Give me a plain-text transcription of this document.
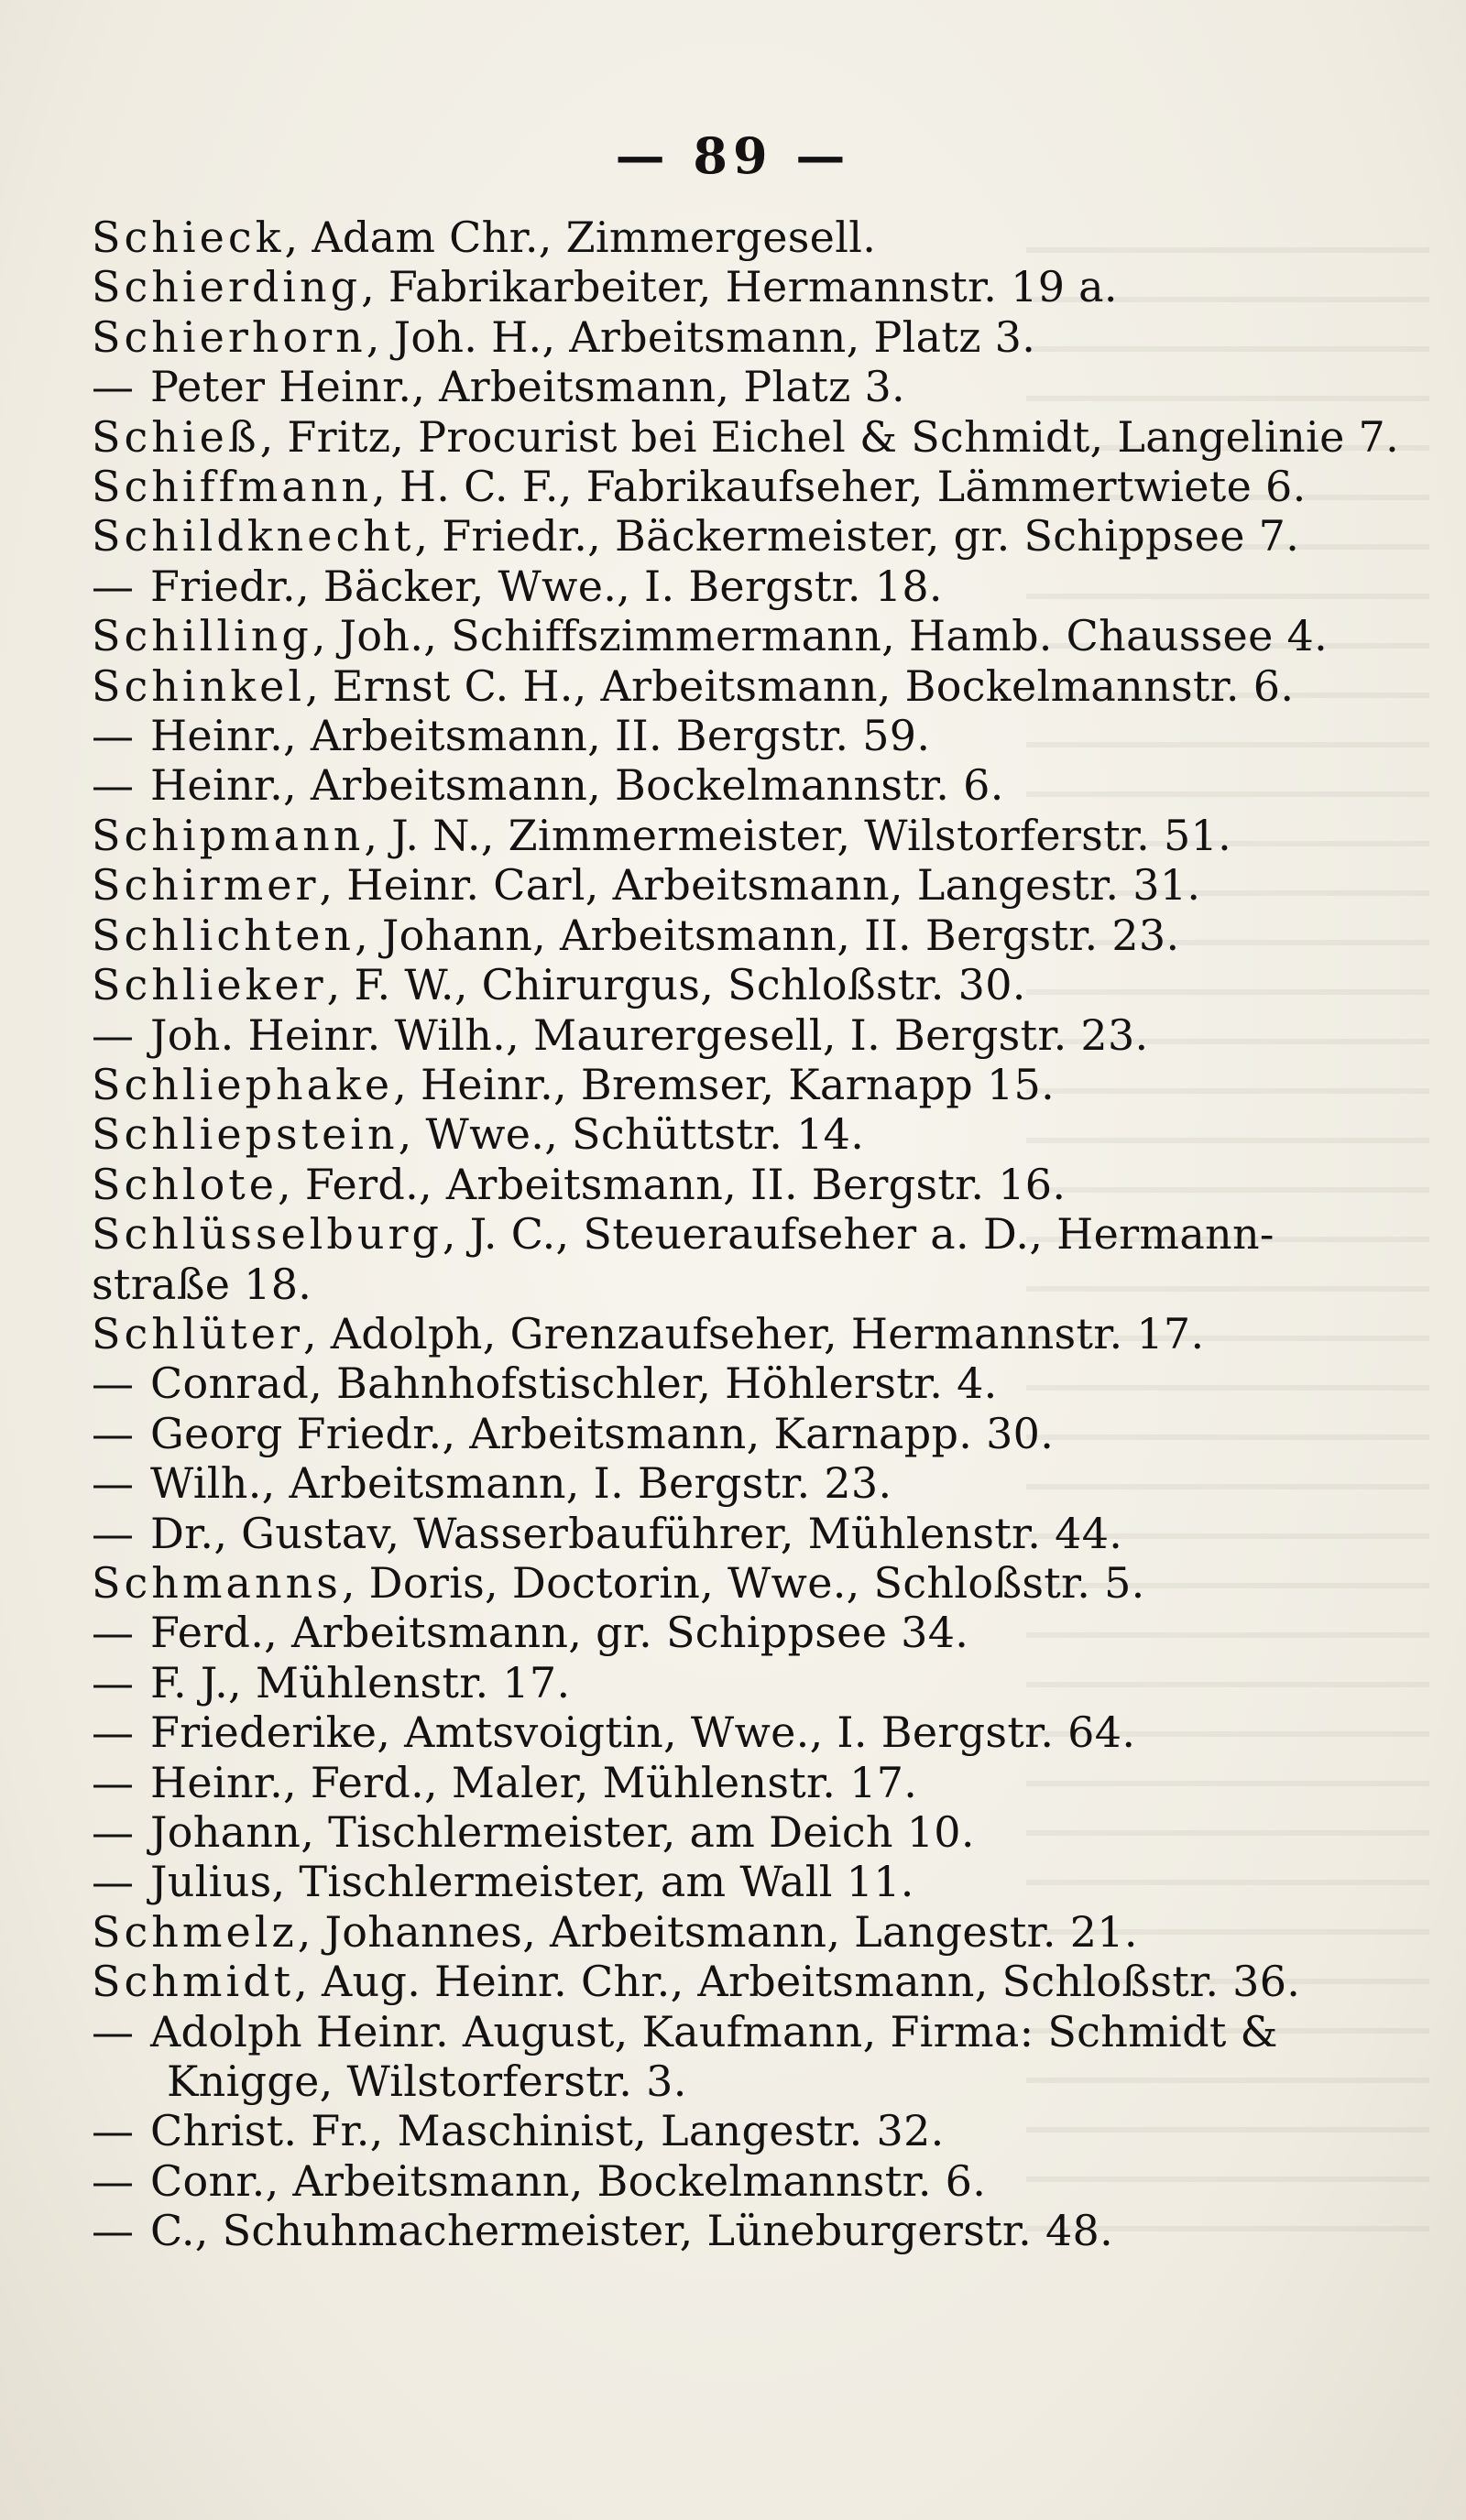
— 89 —
Schieck, Adam Chr., Zimmergesell.
Schierding, Fabrikarbeiter, Hermannstr. 19 a.
Schierhorn, Joh. H., Arbeitsmann, Platz 3.
— Peter Heinr., Arbeitsmann, Platz 3.
Schieß, Fritz, Procurist bei Eichel & Schmidt, Langelinie 7.
Schiffmann, H. C. F., Fabrikaufseher, Lämmertwiete 6.
Schildknecht, Friedr., Bäckermeister, gr. Schippsee 7.
— Friedr., Bäcker, Wwe., I. Bergstr. 18.
Schilling, Joh., Schiffszimmermann, Hamb. Chaussee 4.
Schinkel, Ernst C. H., Arbeitsmann, Bockelmannstr. 6.
— Heinr., Arbeitsmann, II. Bergstr. 59.
— Heinr., Arbeitsmann, Bockelmannstr. 6.
Schipmann, J. N., Zimmermeister, Wilstorferstr. 51.
Schirmer, Heinr. Carl, Arbeitsmann, Langestr. 31.
Schlichten, Johann, Arbeitsmann, II. Bergstr. 23.
Schlieker, F. W., Chirurgus, Schloßstr. 30.
— Joh. Heinr. Wilh., Maurergesell, I. Bergstr. 23.
Schliephake, Heinr., Bremser, Karnapp 15.
Schliepstein, Wwe., Schüttstr. 14.
Schlote, Ferd., Arbeitsmann, II. Bergstr. 16.
Schlüsselburg, J. C., Steueraufseher a. D., Hermann-
straße 18.
Schlüter, Adolph, Grenzaufseher, Hermannstr. 17.
— Conrad, Bahnhofstischler, Höhlerstr. 4.
— Georg Friedr., Arbeitsmann, Karnapp. 30.
— Wilh., Arbeitsmann, I. Bergstr. 23.
— Dr., Gustav, Wasserbauführer, Mühlenstr. 44.
Schmanns, Doris, Doctorin, Wwe., Schloßstr. 5.
— Ferd., Arbeitsmann, gr. Schippsee 34.
— F. J., Mühlenstr. 17.
— Friederike, Amtsvoigtin, Wwe., I. Bergstr. 64.
— Heinr., Ferd., Maler, Mühlenstr. 17.
— Johann, Tischlermeister, am Deich 10.
— Julius, Tischlermeister, am Wall 11.
Schmelz, Johannes, Arbeitsmann, Langestr. 21.
Schmidt, Aug. Heinr. Chr., Arbeitsmann, Schloßstr. 36.
— Adolph Heinr. August, Kaufmann, Firma: Schmidt &
Knigge, Wilstorferstr. 3.
— Christ. Fr., Maschinist, Langestr. 32.
— Conr., Arbeitsmann, Bockelmannstr. 6.
— C., Schuhmachermeister, Lüneburgerstr. 48.
